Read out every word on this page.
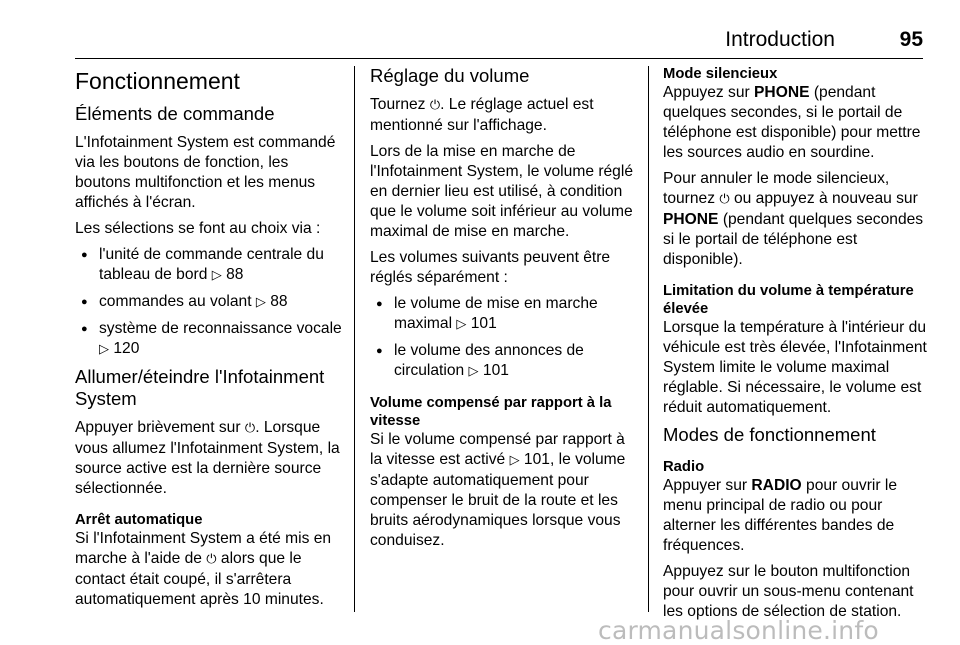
Introduction	95
Fonctionnement
Éléments de commande

L'Infotainment System est commandé via les boutons de fonction, les boutons multifonction et les menus affichés à l'écran.

Les sélections se font au choix via :

● l'unité de commande centrale du tableau de bord ▷ 88
● commandes au volant ▷ 88
● système de reconnaissance vocale ▷ 120
Allumer/éteindre l'Infotainment System

Appuyer brièvement sur ⏻. Lorsque vous allumez l'Infotainment System, la source active est la dernière source sélectionnée.

Arrêt automatique

Si l'Infotainment System a été mis en marche à l'aide de ⏻ alors que le contact était coupé, il s'arrêtera automatiquement après 10 minutes.

Réglage du volume

Tournez ⏻. Le réglage actuel est mentionné sur l'affichage.

Lors de la mise en marche de l'Infotainment System, le volume réglé en dernier lieu est utilisé, à condition que le volume soit inférieur au volume maximal de mise en marche.

Les volumes suivants peuvent être réglés séparément :

● le volume de mise en marche maximal ▷ 101
● le volume des annonces de circulation ▷ 101
Volume compensé par rapport à la vitesse

Si le volume compensé par rapport à la vitesse est activé ▷ 101, le volume s'adapte automatiquement pour compenser le bruit de la route et les bruits aérodynamiques lorsque vous conduisez.

Mode silencieux

Appuyez sur PHONE (pendant quelques secondes, si le portail de téléphone est disponible) pour mettre les sources audio en sourdine.

Pour annuler le mode silencieux, tournez ⏻ ou appuyez à nouveau sur PHONE (pendant quelques secondes si le portail de téléphone est disponible).

Limitation du volume à température élevée

Lorsque la température à l'intérieur du véhicule est très élevée, l'Infotainment System limite le volume maximal réglable. Si nécessaire, le volume est réduit automatiquement.

Modes de fonctionnement
Radio

Appuyer sur RADIO pour ouvrir le menu principal de radio ou pour alterner les différentes bandes de fréquences.

Appuyez sur le bouton multifonction pour ouvrir un sous-menu contenant les options de sélection de station.

carmanualsonline.info
